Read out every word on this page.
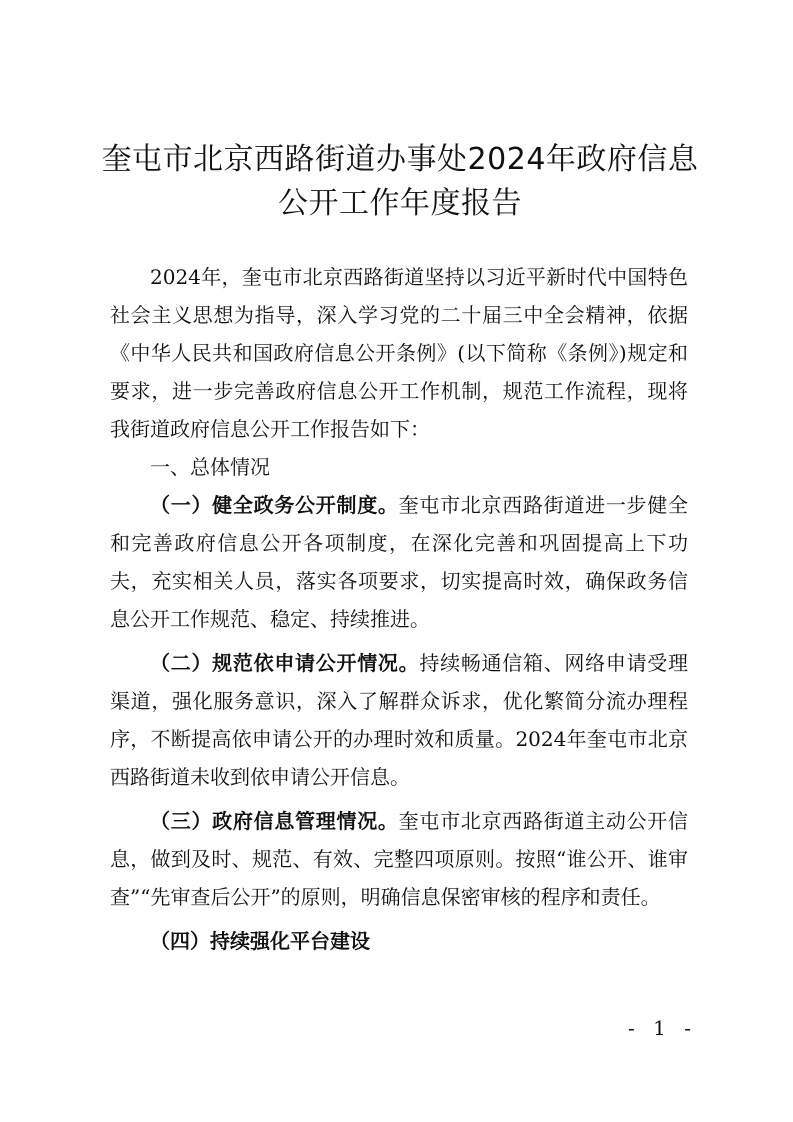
奎屯市北京西路街道办事处2024年政府信息
公开工作年度报告

2024年，奎屯市北京西路街道坚持以习近平新时代中国特色社会主义思想为指导，深入学习党的二十届三中全会精神，依据《中华人民共和国政府信息公开条例》(以下简称《条例》)规定和要求，进一步完善政府信息公开工作机制，规范工作流程，现将我街道政府信息公开工作报告如下：

一、总体情况

（一）健全政务公开制度。奎屯市北京西路街道进一步健全和完善政府信息公开各项制度，在深化完善和巩固提高上下功夫，充实相关人员，落实各项要求，切实提高时效，确保政务信息公开工作规范、稳定、持续推进。

（二）规范依申请公开情况。持续畅通信箱、网络申请受理渠道，强化服务意识，深入了解群众诉求，优化繁简分流办理程序，不断提高依申请公开的办理时效和质量。2024年奎屯市北京西路街道未收到依申请公开信息。

（三）政府信息管理情况。奎屯市北京西路街道主动公开信息，做到及时、规范、有效、完整四项原则。按照“谁公开、谁审查”“先审查后公开”的原则，明确信息保密审核的程序和责任。

（四）持续强化平台建设

- 1 -
